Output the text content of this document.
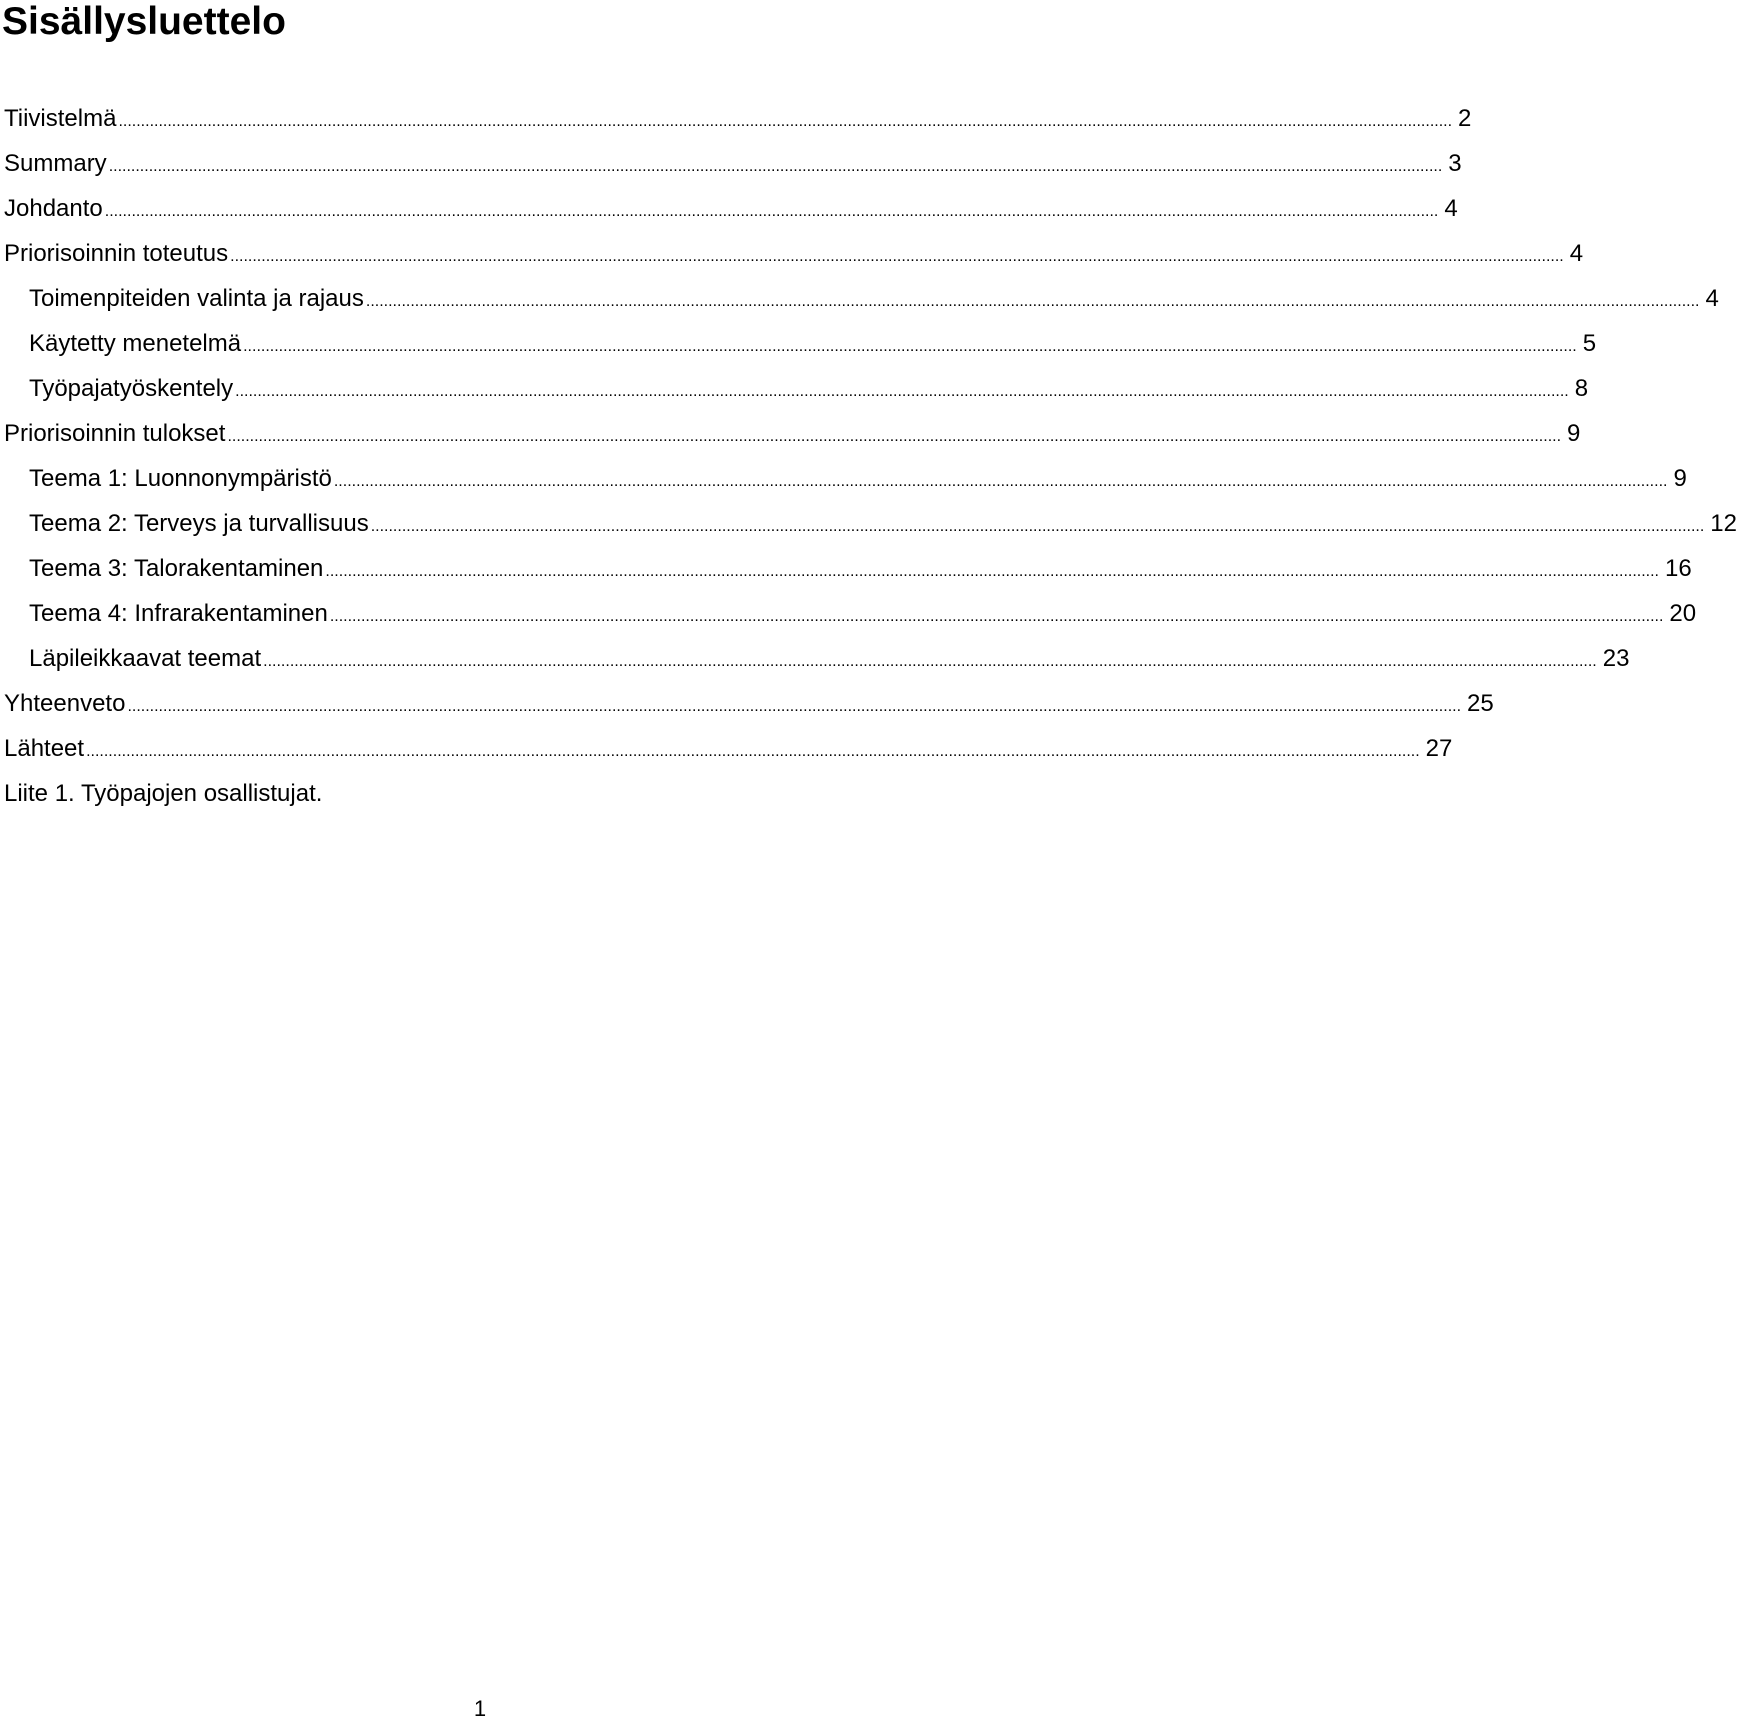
Sisällysluettelo
Tiivistelmä ............................................................................................................................................................................................................................................................................................................ 2
Summary ............................................................................................................................................................................................................................................................................................................ 3
Johdanto ............................................................................................................................................................................................................................................................................................................ 4
Priorisoinnin toteutus ............................................................................................................................................................................................................................................................................................................ 4
Toimenpiteiden valinta ja rajaus ............................................................................................................................................................................................................................................................................................................ 4
Käytetty menetelmä ............................................................................................................................................................................................................................................................................................................ 5
Työpajatyöskentely ............................................................................................................................................................................................................................................................................................................ 8
Priorisoinnin tulokset ............................................................................................................................................................................................................................................................................................................ 9
Teema 1: Luonnonympäristö ............................................................................................................................................................................................................................................................................................................ 9
Teema 2: Terveys ja turvallisuus ............................................................................................................................................................................................................................................................................................................ 12
Teema 3: Talorakentaminen ............................................................................................................................................................................................................................................................................................................ 16
Teema 4: Infrarakentaminen ............................................................................................................................................................................................................................................................................................................ 20
Läpileikkaavat teemat ............................................................................................................................................................................................................................................................................................................ 23
Yhteenveto ............................................................................................................................................................................................................................................................................................................ 25
Lähteet ............................................................................................................................................................................................................................................................................................................ 27
Liite 1. Työpajojen osallistujat.
1
